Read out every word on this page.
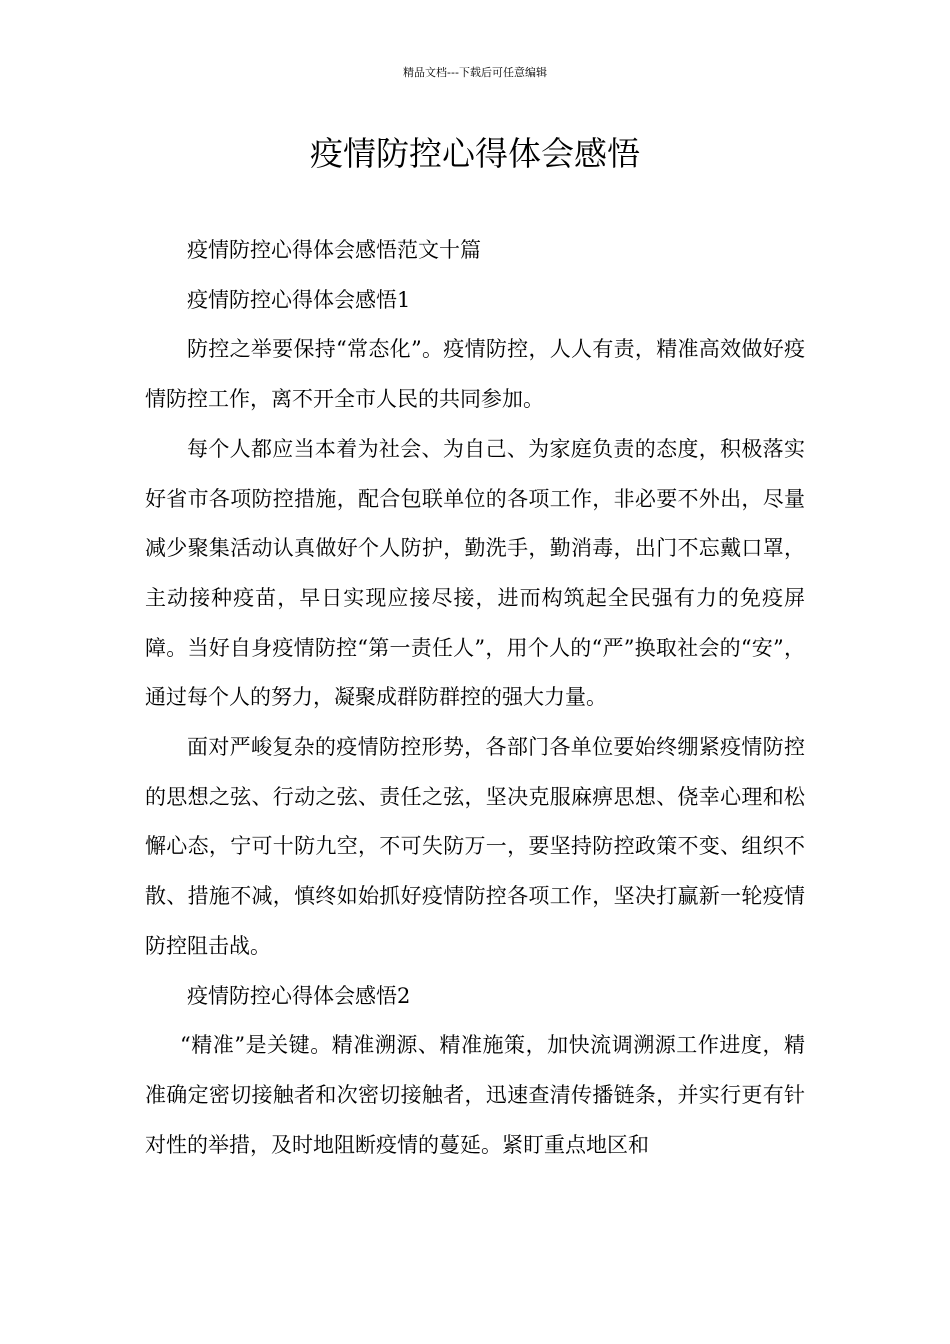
精品文档---下载后可任意编辑
疫情防控心得体会感悟

疫情防控心得体会感悟范文十篇

疫情防控心得体会感悟1

防控之举要保持“常态化”。疫情防控，人人有责，精准高效做好疫情防控工作，离不开全市人民的共同参加。

每个人都应当本着为社会、为自己、为家庭负责的态度，积极落实好省市各项防控措施，配合包联单位的各项工作，非必要不外出，尽量减少聚集活动认真做好个人防护，勤洗手，勤消毒，出门不忘戴口罩，主动接种疫苗，早日实现应接尽接，进而构筑起全民强有力的免疫屏障。当好自身疫情防控“第一责任人”，用个人的“严”换取社会的“安”，通过每个人的努力，凝聚成群防群控的强大力量。

面对严峻复杂的疫情防控形势，各部门各单位要始终绷紧疫情防控的思想之弦、行动之弦、责任之弦，坚决克服麻痹思想、侥幸心理和松懈心态，宁可十防九空，不可失防万一，要坚持防控政策不变、组织不散、措施不减，慎终如始抓好疫情防控各项工作，坚决打赢新一轮疫情防控阻击战。

疫情防控心得体会感悟2

“精准”是关键。精准溯源、精准施策，加快流调溯源工作进度，精准确定密切接触者和次密切接触者，迅速查清传播链条，并实行更有针对性的举措，及时地阻断疫情的蔓延。紧盯重点地区和
